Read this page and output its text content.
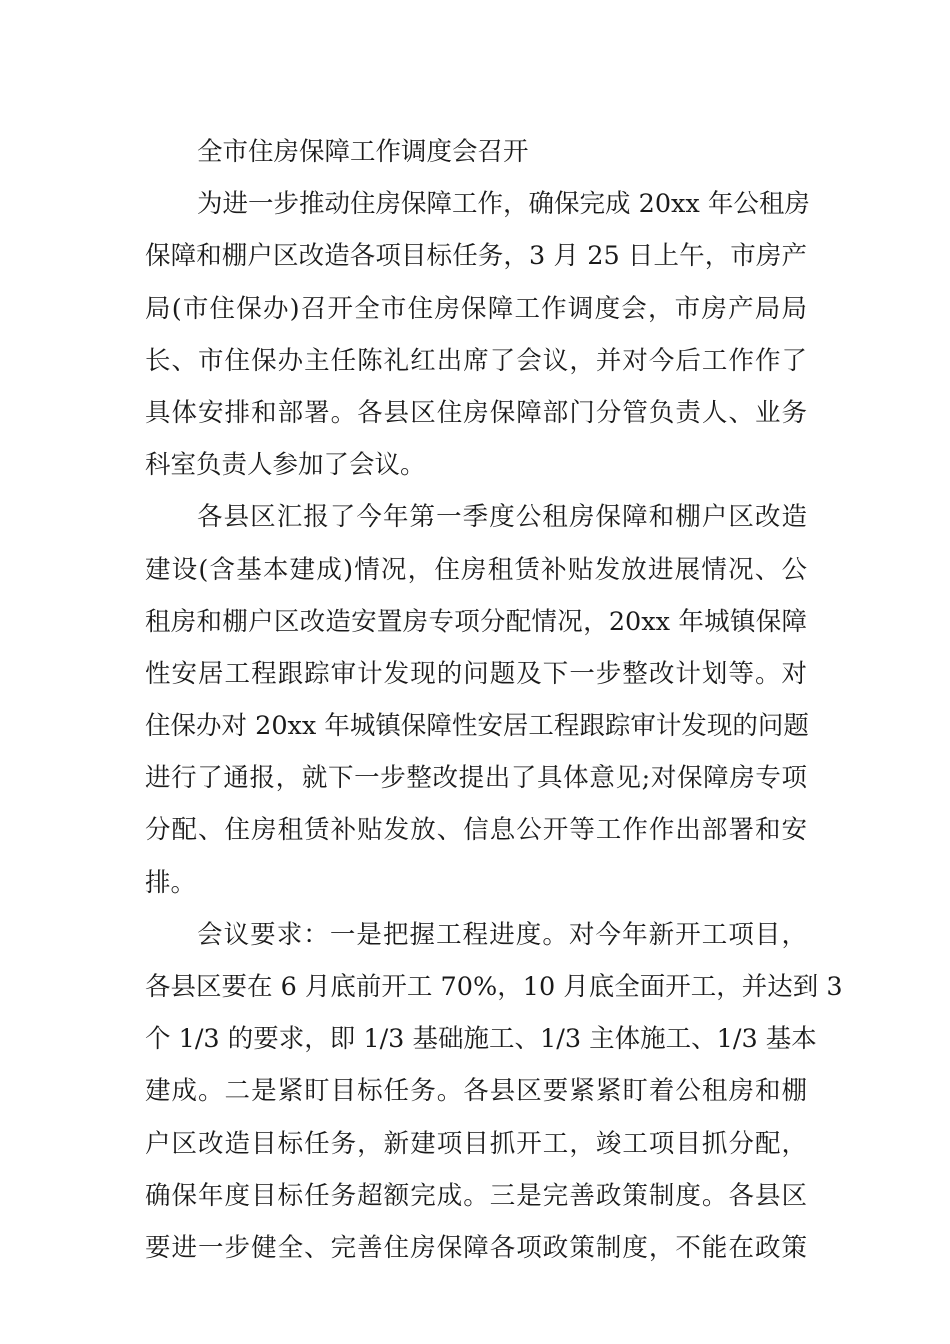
全市住房保障工作调度会召开
为进一步推动住房保障工作，确保完成 20xx 年公租房
保障和棚户区改造各项目标任务，3 月 25 日上午，市房产
局(市住保办)召开全市住房保障工作调度会，市房产局局
长、市住保办主任陈礼红出席了会议，并对今后工作作了
具体安排和部署。各县区住房保障部门分管负责人、业务
科室负责人参加了会议。
各县区汇报了今年第一季度公租房保障和棚户区改造
建设(含基本建成)情况，住房租赁补贴发放进展情况、公
租房和棚户区改造安置房专项分配情况，20xx 年城镇保障
性安居工程跟踪审计发现的问题及下一步整改计划等。对
住保办对 20xx 年城镇保障性安居工程跟踪审计发现的问题
进行了通报，就下一步整改提出了具体意见;对保障房专项
分配、住房租赁补贴发放、信息公开等工作作出部署和安
排。
会议要求：一是把握工程进度。对今年新开工项目，
各县区要在 6 月底前开工 70%，10 月底全面开工，并达到 3
个 1/3 的要求，即 1/3 基础施工、1/3 主体施工、1/3 基本
建成。二是紧盯目标任务。各县区要紧紧盯着公租房和棚
户区改造目标任务，新建项目抓开工，竣工项目抓分配，
确保年度目标任务超额完成。三是完善政策制度。各县区
要进一步健全、完善住房保障各项政策制度，不能在政策
